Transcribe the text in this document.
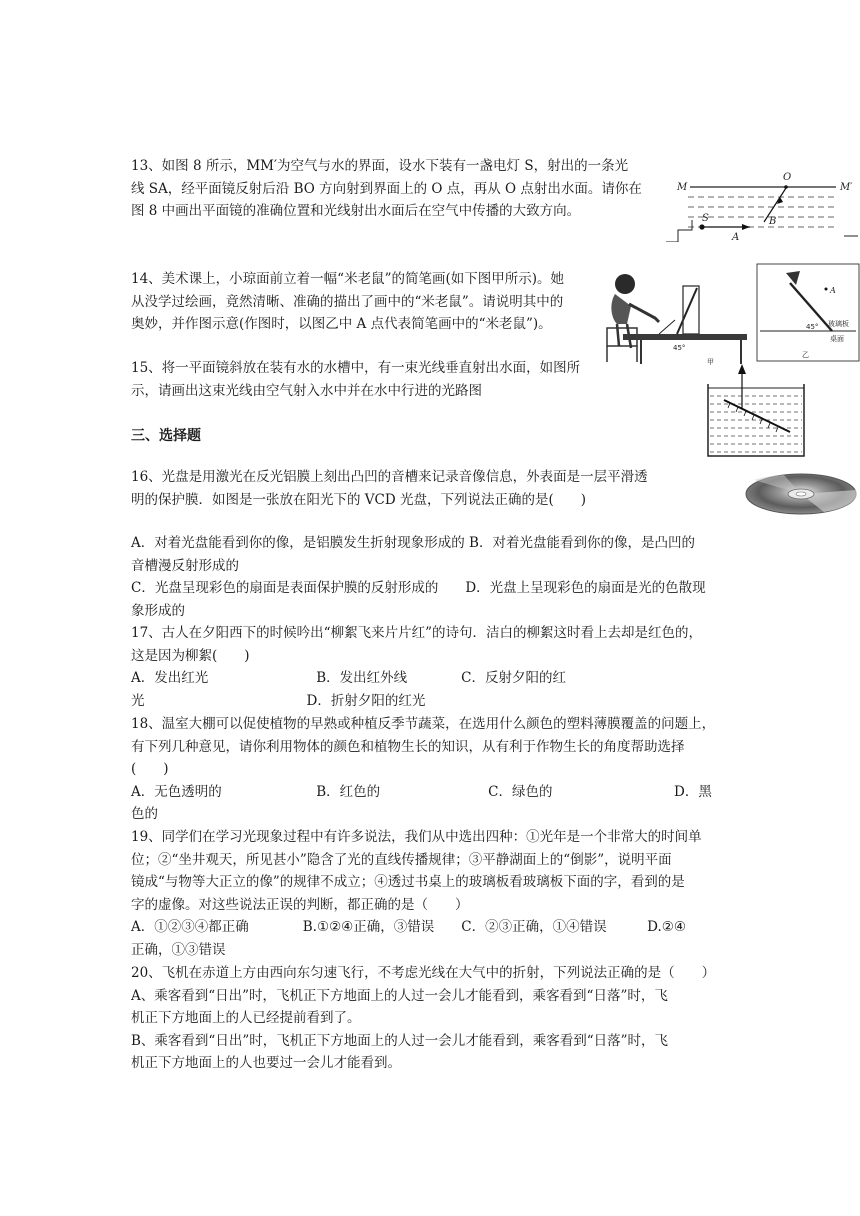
13、如图 8 所示，MM′为空气与水的界面，设水下装有一盏电灯 S，射出的一条光
线 SA，经平面镜反射后沿 BO 方向射到界面上的 O 点，再从 O 点射出水面。请你在
图 8 中画出平面镜的准确位置和光线射出水面后在空气中传播的大致方向。
M	M′
O
S
A
B
14、美术课上，小琼面前立着一幅“米老鼠”的简笔画(如下图甲所示)。她
从没学过绘画，竟然清晰、准确的描出了画中的“米老鼠”。请说明其中的
奥妙，并作图示意(作图时，以图乙中 A 点代表简笔画中的“米老鼠”)。
45°
甲
A
45° 玻璃板
桌面
乙
15、将一平面镜斜放在装有水的水槽中，有一束光线垂直射出水面，如图所
示，请画出这束光线由空气射入水中并在水中行进的光路图
三、选择题
16、光盘是用激光在反光铝膜上刻出凸凹的音槽来记录音像信息，外表面是一层平滑透
明的保护膜．如图是一张放在阳光下的 VCD 光盘，下列说法正确的是(　　)
A．对着光盘能看到你的像，是铝膜发生折射现象形成的 B．对着光盘能看到你的像，是凸凹的
音槽漫反射形成的
C．光盘呈现彩色的扇面是表面保护膜的反射形成的　　D．光盘上呈现彩色的扇面是光的色散现
象形成的
17、古人在夕阳西下的时候吟出“柳絮飞来片片红”的诗句．洁白的柳絮这时看上去却是红色的，
这是因为柳絮(　　)
A．发出红光　　　　　　　　B．发出红外线　　　　C．反射夕阳的红
光　　　　　　　　　　　　D．折射夕阳的红光
18、温室大棚可以促使植物的早熟或种植反季节蔬菜，在选用什么颜色的塑料薄膜覆盖的问题上，
有下列几种意见，请你利用物体的颜色和植物生长的知识，从有利于作物生长的角度帮助选择
(　　)
A．无色透明的　　　　　　　B．红色的　　　　　　　　C．绿色的　　　　　　　　　D．黑
色的
19、同学们在学习光现象过程中有许多说法，我们从中选出四种：①光年是一个非常大的时间单
位；②“坐井观天，所见甚小”隐含了光的直线传播规律；③平静湖面上的“倒影”，说明平面
镜成“与物等大正立的像”的规律不成立；④透过书桌上的玻璃板看玻璃板下面的字，看到的是
字的虚像。对这些说法正误的判断，都正确的是（　　）
A．①②③④都正确　　　　B.①②④正确，③错误　　C．②③正确，①④错误　　　D.②④
正确，①③错误
20、飞机在赤道上方由西向东匀速飞行，不考虑光线在大气中的折射，下列说法正确的是（　　）
A、乘客看到“日出”时，飞机正下方地面上的人过一会儿才能看到，乘客看到“日落”时，飞
机正下方地面上的人已经提前看到了。
B、乘客看到“日出”时，飞机正下方地面上的人过一会儿才能看到，乘客看到“日落”时，飞
机正下方地面上的人也要过一会儿才能看到。
